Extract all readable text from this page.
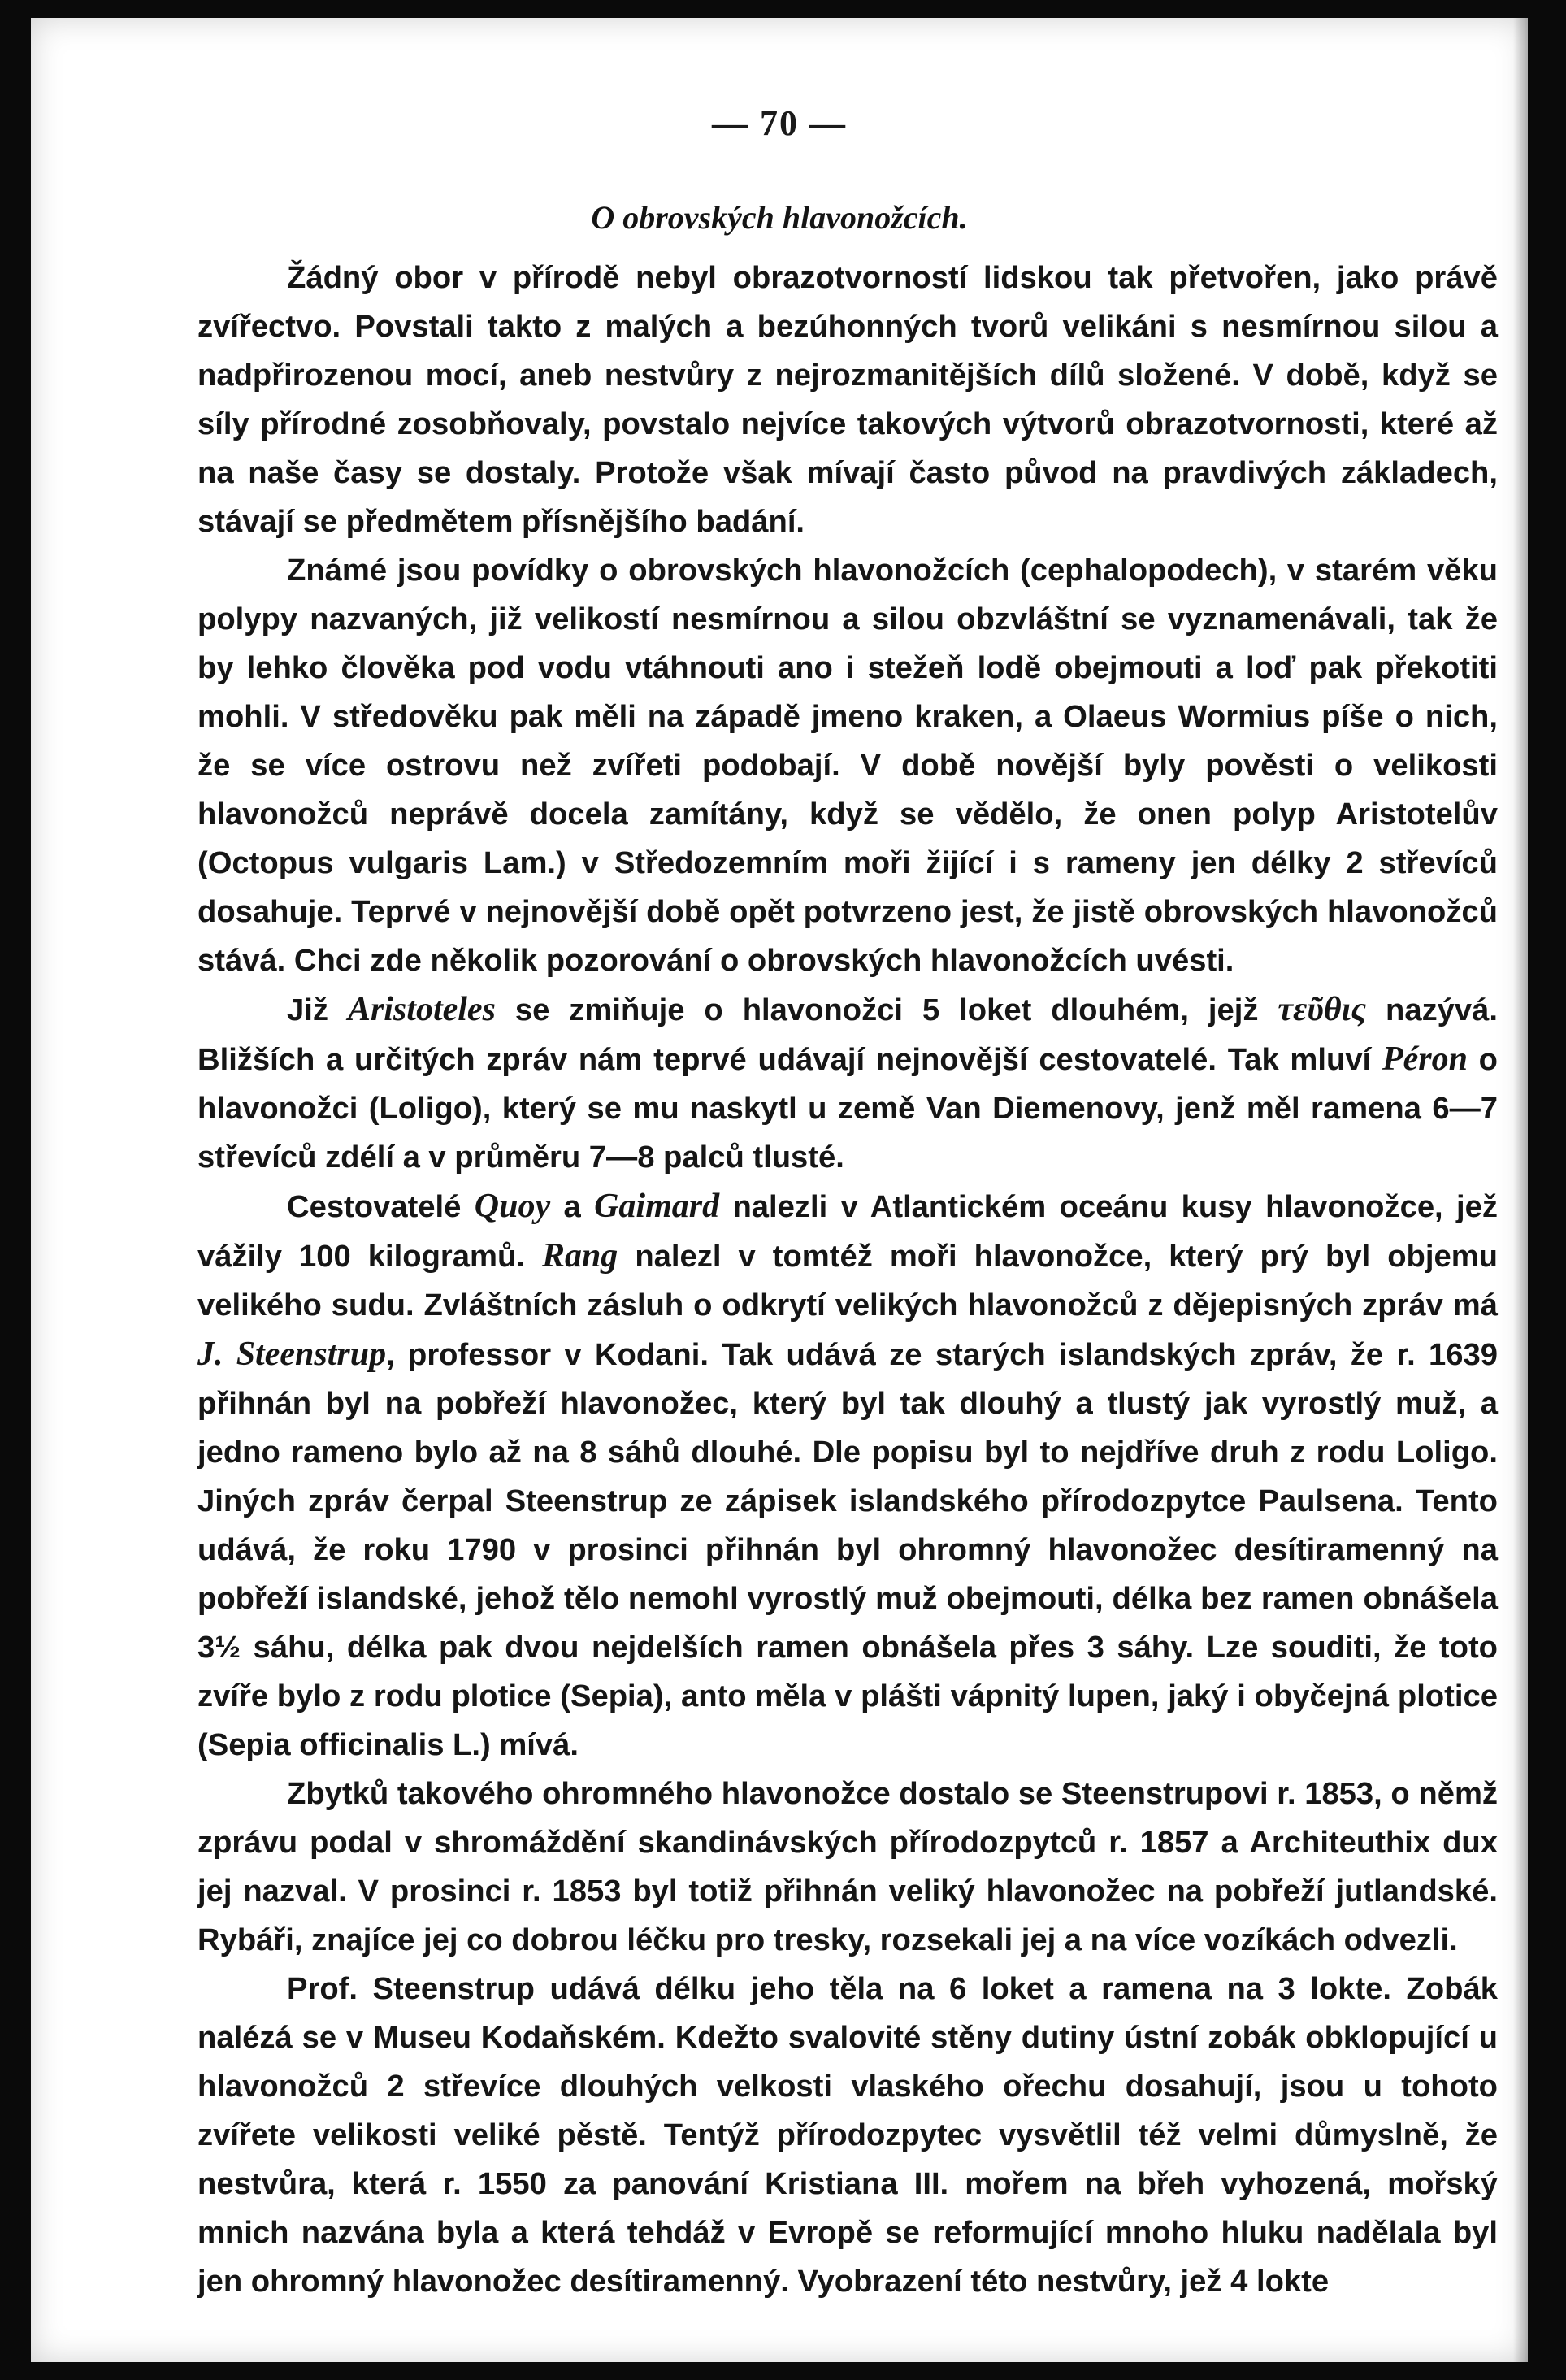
— 70 —
O obrovských hlavonožcích.

Žádný obor v přírodě nebyl obrazotvorností lidskou tak přetvořen, jako právě zvířectvo. Povstali takto z malých a bezúhonných tvorů velikáni s nesmírnou silou a nadpřirozenou mocí, aneb nestvůry z nejrozmanitějších dílů složené. V době, když se síly přírodné zosobňovaly, povstalo nejvíce takových výtvorů obrazotvornosti, které až na naše časy se dostaly. Protože však mívají často původ na pravdivých základech, stávají se předmětem přísnějšího badání.

Známé jsou povídky o obrovských hlavonožcích (cephalopodech), v starém věku polypy nazvaných, již velikostí nesmírnou a silou obzvláštní se vyznamenávali, tak že by lehko člověka pod vodu vtáhnouti ano i stežeň lodě obejmouti a loď pak překotiti mohli. V středověku pak měli na západě jmeno kraken, a Olaeus Wormius píše o nich, že se více ostrovu než zvířeti podobají. V době novější byly pověsti o velikosti hlavonožců neprávě docela zamítány, když se vědělo, že onen polyp Aristotelův (Octopus vulgaris Lam.) v Středozemním moři žijící i s rameny jen délky 2 střevíců dosahuje. Teprvé v nejnovější době opět potvrzeno jest, že jistě obrovských hlavonožců stává. Chci zde několik pozorování o obrovských hlavonožcích uvésti.

Již Aristoteles se zmiňuje o hlavonožci 5 loket dlouhém, jejž τεῦθις nazývá. Bližších a určitých zpráv nám teprvé udávají nejnovější cestovatelé. Tak mluví Péron o hlavonožci (Loligo), který se mu naskytl u země Van Diemenovy, jenž měl ramena 6—7 střevíců zdélí a v průměru 7—8 palců tlusté.

Cestovatelé Quoy a Gaimard nalezli v Atlantickém oceánu kusy hlavonožce, jež vážily 100 kilogramů. Rang nalezl v tomtéž moři hlavonožce, který prý byl objemu velikého sudu. Zvláštních zásluh o odkrytí velikých hlavonožců z dějepisných zpráv má J. Steenstrup, professor v Kodani. Tak udává ze starých islandských zpráv, že r. 1639 přihnán byl na pobřeží hlavonožec, který byl tak dlouhý a tlustý jak vyrostlý muž, a jedno rameno bylo až na 8 sáhů dlouhé. Dle popisu byl to nejdříve druh z rodu Loligo. Jiných zpráv čerpal Steenstrup ze zápisek islandského přírodozpytce Paulsena. Tento udává, že roku 1790 v prosinci přihnán byl ohromný hlavonožec desítiramenný na pobřeží islandské, jehož tělo nemohl vyrostlý muž obejmouti, délka bez ramen obnášela 3½ sáhu, délka pak dvou nejdelších ramen obnášela přes 3 sáhy. Lze souditi, že toto zvíře bylo z rodu plotice (Sepia), anto měla v plášti vápnitý lupen, jaký i obyčejná plotice (Sepia officinalis L.) mívá.

Zbytků takového ohromného hlavonožce dostalo se Steenstrupovi r. 1853, o němž zprávu podal v shromáždění skandinávských přírodozpytců r. 1857 a Architeuthix dux jej nazval. V prosinci r. 1853 byl totiž přihnán veliký hlavonožec na pobřeží jutlandské. Rybáři, znajíce jej co dobrou léčku pro tresky, rozsekali jej a na více vozíkách odvezli.

Prof. Steenstrup udává délku jeho těla na 6 loket a ramena na 3 lokte. Zobák nalézá se v Museu Kodaňském. Kdežto svalovité stěny dutiny ústní zobák obklopující u hlavonožců 2 střevíce dlouhých velkosti vlaského ořechu dosahují, jsou u tohoto zvířete velikosti veliké pěstě. Tentýž přírodozpytec vysvětlil též velmi důmyslně, že nestvůra, která r. 1550 za panování Kristiana III. mořem na břeh vyhozená, mořský mnich nazvána byla a která tehdáž v Evropě se reformující mnoho hluku nadělala byl jen ohromný hlavonožec desítiramenný. Vyobrazení této nestvůry, jež 4 lokte
